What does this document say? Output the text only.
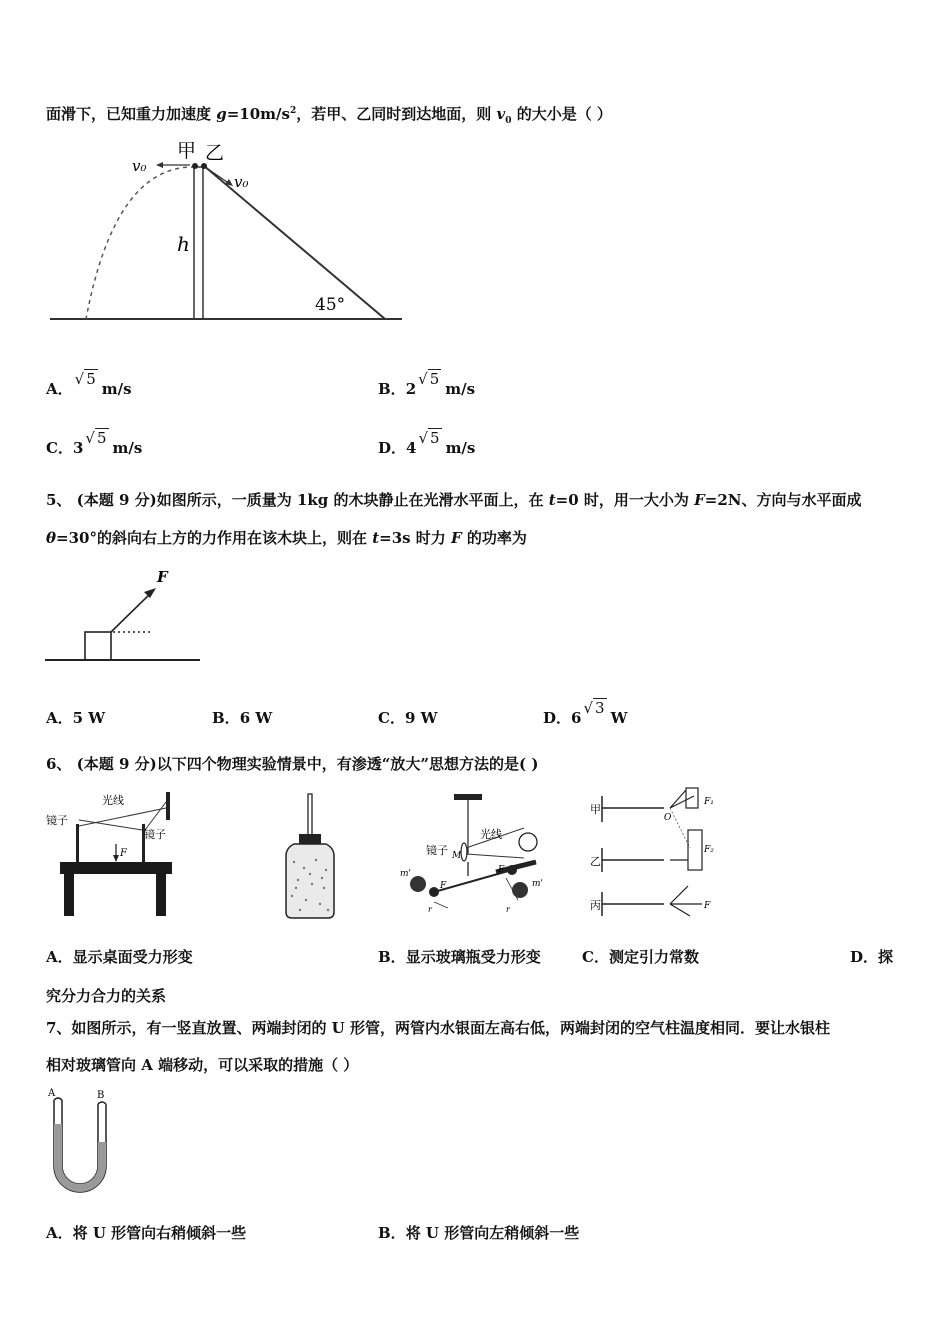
面滑下，已知重力加速度 $g=10m/s^2$，若甲、乙同时到达地面，则 $v_0$ 的大小是（ ）
v₀
甲 乙
v₀
h
45°
A．√ 5m/s	B．2√ 5m/s
C．3√ 5m/s	D．4√ 5m/s
5、 (本题 9 分)如图所示，一质量为 1kg 的木块静止在光滑水平面上，在 t=0 时，用一大小为 F=2N、方向与水平面成
θ=30°的斜向右上方的力作用在该木块上，则在 t=3s 时力 F 的功率为
F
A．5 W	B．6 W	C．9 W	D．6√ 3W
6、 (本题 9 分)以下四个物理实验情景中，有渗透“放大”思想方法的是( )
光线
镜子
镜子
F	镜子
光线
M
m'
m'
F
F
r	r
甲
乙
丙
O
F₁
F₂
F
A．显示桌面受力形变	B．显示玻璃瓶受力形变	C．测定引力常数	D．探
究分力合力的关系
7、如图所示，有一竖直放置、两端封闭的 U 形管，两管内水银面左高右低，两端封闭的空气柱温度相同．要让水银柱
相对玻璃管向 A 端移动，可以采取的措施（ ）
A	B
A．将 U 形管向右稍倾斜一些	B．将 U 形管向左稍倾斜一些
